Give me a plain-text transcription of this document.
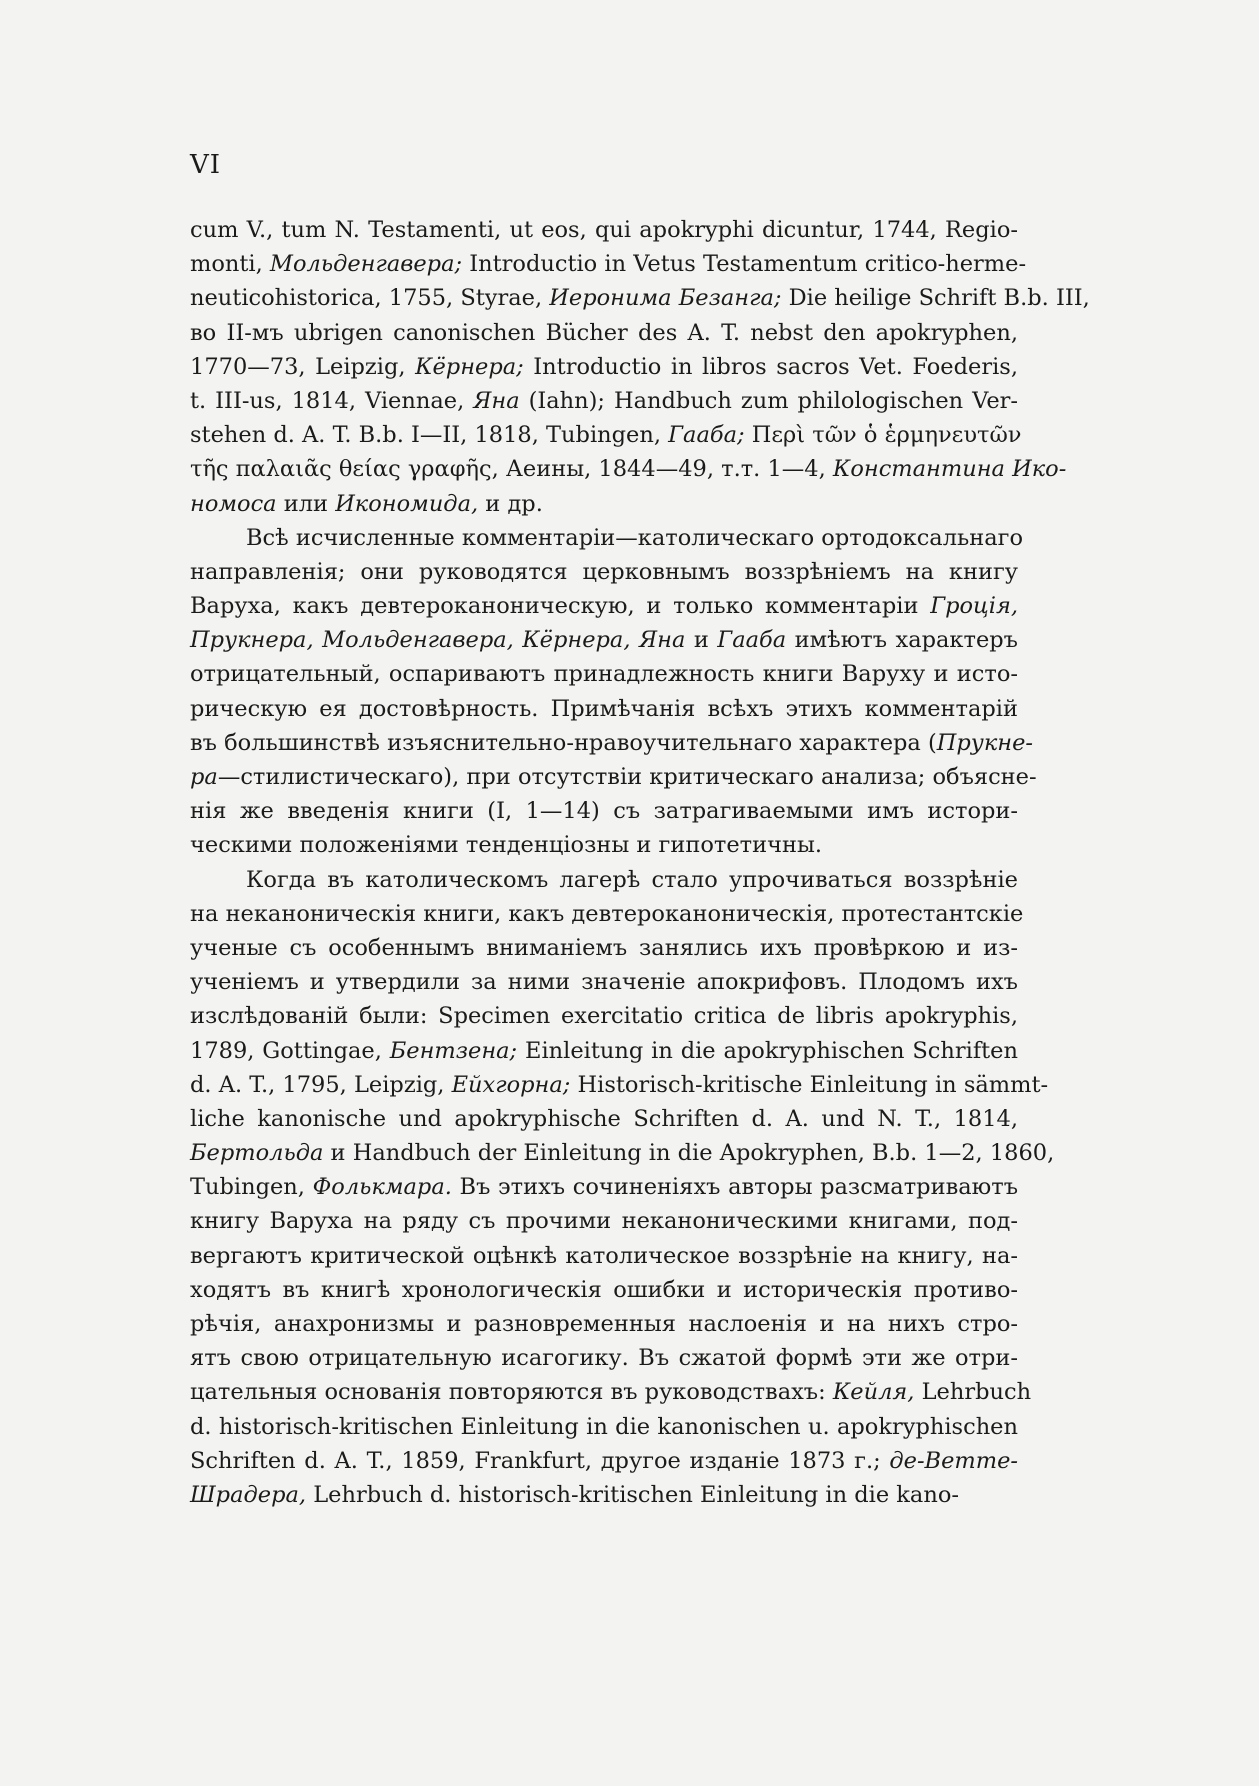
VI
cum V., tum N. Testamenti, ut eos, qui apokryphi dicuntur, 1744, Regio-
monti, Мольденгавера; Introductio in Vetus Testamentum critico-herme-
neuticohistorica, 1755, Styrae, Иеронима Безанга; Die heilige Schrift B.b. III,
во II-мъ ubrigen canonischen Bücher des A. T. nebst den apokryphen,
1770—73, Leipzig, Кёрнера; Introductio in libros sacros Vet. Foederis,
t. III-us, 1814, Viennae, Яна (Iahn); Handbuch zum philologischen Ver-
stehen d. A. T. B.b. I—II, 1818, Tubingen, Гааба; Περὶ τῶν ὁ ἑρμηνευτῶν
τῆς παλαιᾶς θείας γραφῆς, Аеины, 1844—49, т.т. 1—4, Константина Ико-
номоса или Икономида, и др.
Всѣ исчисленные комментаріи—католическаго ортодоксальнаго
направленія; они руководятся церковнымъ воззрѣніемъ на книгу
Варуха, какъ девтероканоническую, и только комментаріи Гроція,
Прукнера, Мольденгавера, Кёрнера, Яна и Гааба имѣютъ характеръ
отрицательный, оспариваютъ принадлежность книги Варуху и исто-
рическую ея достовѣрность. Примѣчанія всѣхъ этихъ комментарій
въ большинствѣ изъяснительно-нравоучительнаго характера (Прукне-
ра—стилистическаго), при отсутствіи критическаго анализа; объясне-
нія же введенія книги (I, 1—14) съ затрагиваемыми имъ истори-
ческими положеніями тенденціозны и гипотетичны.
Когда въ католическомъ лагерѣ стало упрочиваться воззрѣніе
на неканоническія книги, какъ девтероканоническія, протестантскіе
ученые съ особеннымъ вниманіемъ занялись ихъ провѣркою и из-
ученіемъ и утвердили за ними значеніе апокрифовъ. Плодомъ ихъ
изслѣдованій были: Specimen exercitatio critica de libris apokryphis,
1789, Gottingae, Бентзена; Einleitung in die apokryphischen Schriften
d. A. T., 1795, Leipzig, Ейхгорна; Historisch-kritische Einleitung in sämmt-
liche kanonische und apokryphische Schriften d. A. und N. T., 1814,
Бертольда и Handbuch der Einleitung in die Apokryphen, B.b. 1—2, 1860,
Tubingen, Фолькмара. Въ этихъ сочиненіяхъ авторы разсматриваютъ
книгу Варуха на ряду съ прочими неканоническими книгами, под-
вергаютъ критической оцѣнкѣ католическое воззрѣніе на книгу, на-
ходятъ въ книгѣ хронологическія ошибки и историческія противо-
рѣчія, анахронизмы и разновременныя наслоенія и на нихъ стро-
ятъ свою отрицательную исагогику. Въ сжатой формѣ эти же отри-
цательныя основанія повторяются въ руководствахъ: Кейля, Lehrbuch
d. historisch-kritischen Einleitung in die kanonischen u. apokryphischen
Schriften d. A. T., 1859, Frankfurt, другое изданіе 1873 г.; де-Ветте-
Шрадера, Lehrbuch d. historisch-kritischen Einleitung in die kano-
